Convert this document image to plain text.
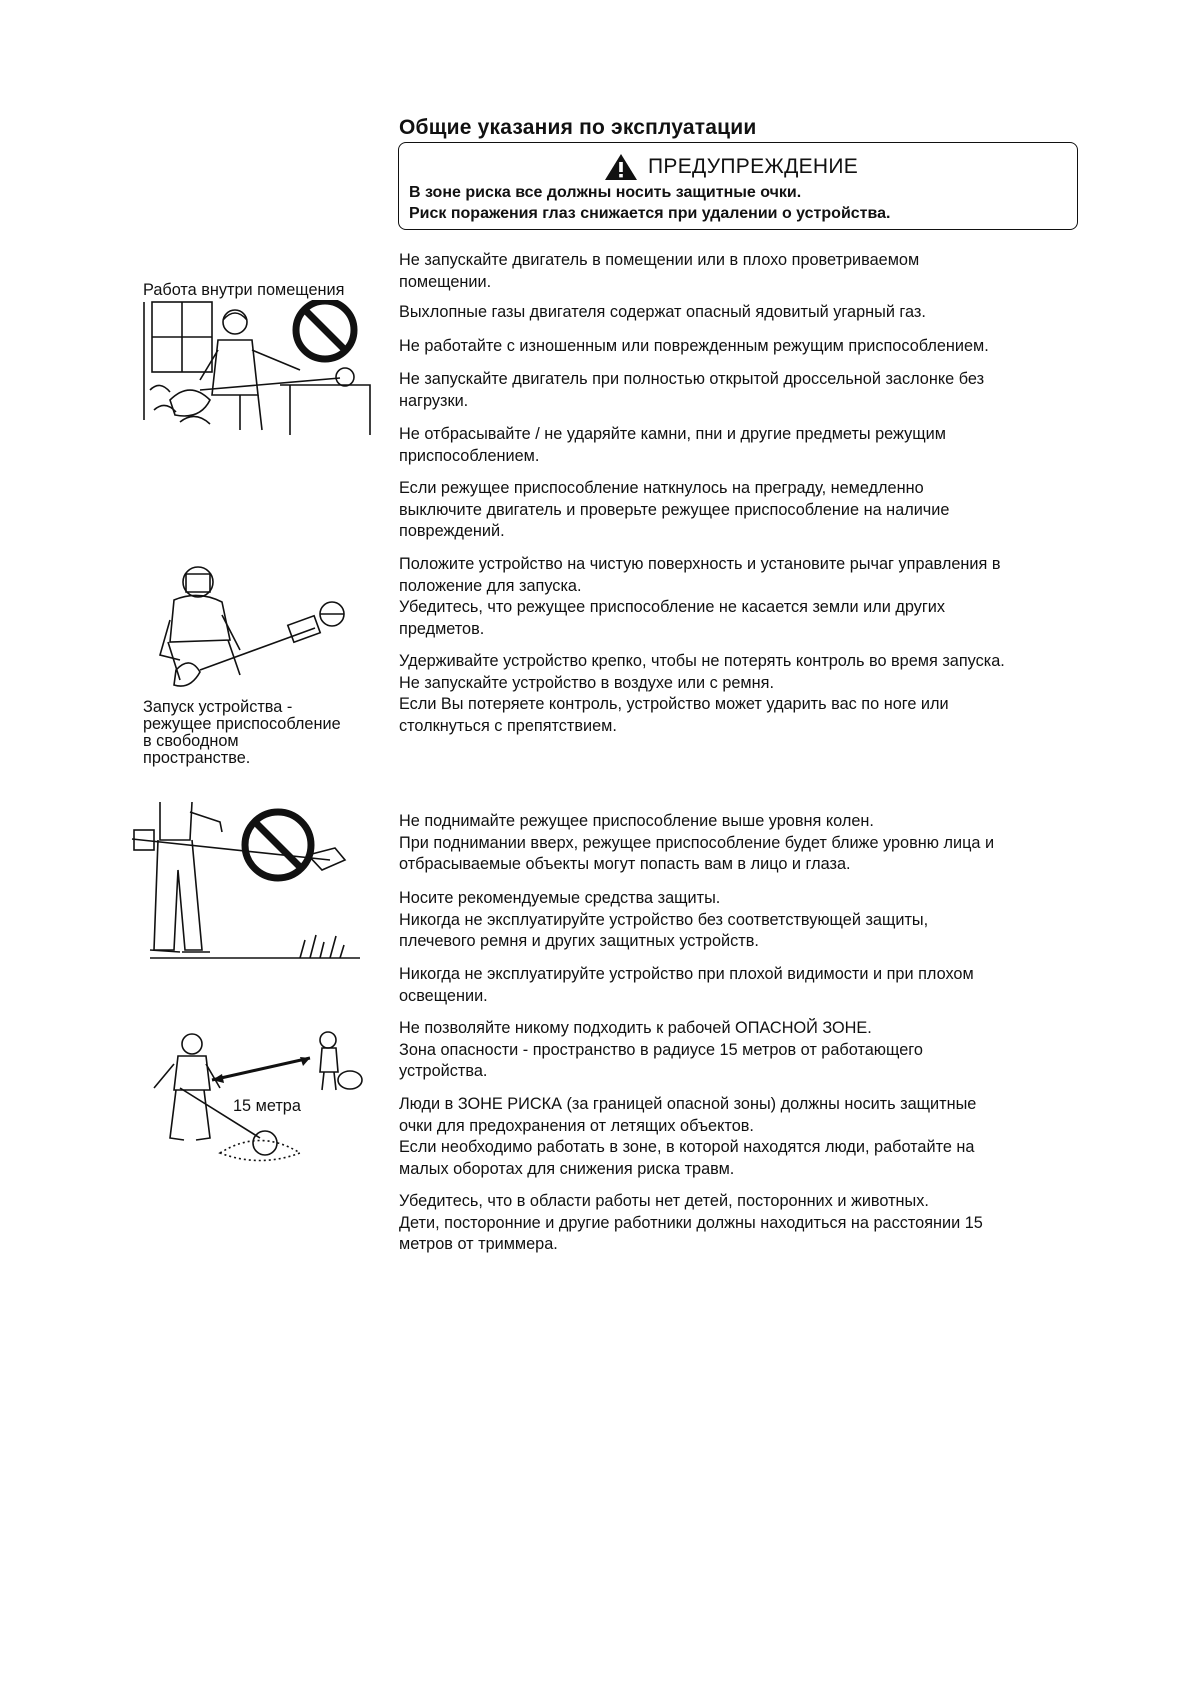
Общие указания по эксплуатации
ПРЕДУПРЕЖДЕНИЕ
В зоне риска все должны носить защитные очки.
Риск поражения глаз снижается при удалении о устройства.
Работа внутри помещения
Запуск устройства -
режущее приспособление
в свободном
пространстве.
15 метра

Не запускайте двигатель в помещении или в плохо проветриваемом

помещении.

Выхлопные газы двигателя содержат опасный ядовитый угарный газ.

Не работайте с изношенным или поврежденным режущим приспособлением.

Не запускайте двигатель при полностью открытой дроссельной заслонке без

нагрузки.

Не отбрасывайте / не ударяйте камни, пни и другие предметы режущим

приспособлением.

Если режущее приспособление наткнулось на преграду, немедленно

выключите двигатель и проверьте режущее приспособление на наличие

повреждений.

Положите устройство на чистую поверхность и установите рычаг управления в

положение для запуска.

Убедитесь, что режущее приспособление не касается земли или других

предметов.

Удерживайте устройство крепко, чтобы не потерять контроль во время запуска.

Не запускайте устройство в воздухе или с ремня.

Если Вы потеряете контроль, устройство может ударить вас по ноге или

столкнуться с препятствием.

Не поднимайте режущее приспособление выше уровня колен.

При поднимании вверх, режущее приспособление будет ближе уровню лица и

отбрасываемые объекты могут попасть вам в лицо и глаза.

Носите рекомендуемые средства защиты.

Никогда не эксплуатируйте устройство без соответствующей защиты,

плечевого ремня и других защитных устройств.

Никогда не эксплуатируйте устройство при плохой видимости и при плохом

освещении.

Не позволяйте никому подходить к рабочей ОПАСНОЙ ЗОНЕ.

Зона опасности - пространство в радиусе 15 метров от работающего

устройства.

Люди в ЗОНЕ РИСКА (за границей опасной зоны) должны носить защитные

очки для предохранения от летящих объектов.

Если необходимо работать в зоне, в которой находятся люди, работайте на

малых оборотах для снижения риска травм.

Убедитесь, что в области работы нет детей, посторонних и животных.

Дети, посторонние и другие работники должны находиться на расстоянии 15

метров от триммера.
